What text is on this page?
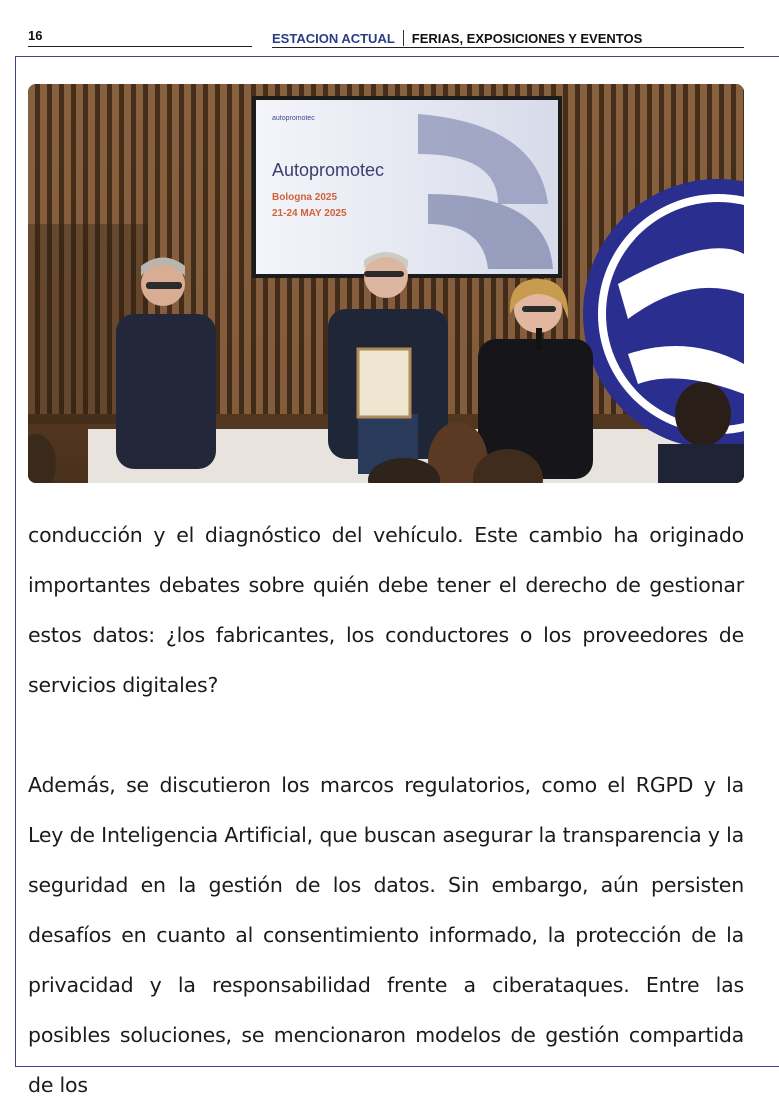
16	ESTACION ACTUAL FERIAS, EXPOSICIONES Y EVENTOS
autopromotec
Autopromotec
Bologna 2025
21-24 MAY 2025

conducción y el diagnóstico del vehículo. Este cambio ha originado importantes debates sobre quién debe tener el derecho de gestionar estos datos: ¿los fabricantes, los conductores o los proveedores de servicios digitales?

Además, se discutieron los marcos regulatorios, como el RGPD y la Ley de Inteligencia Artificial, que buscan asegurar la transparencia y la seguridad en la gestión de los datos. Sin embargo, aún persisten desafíos en cuanto al consentimiento informado, la protección de la privacidad y la responsabilidad frente a ciberataques. Entre las posibles soluciones, se mencionaron modelos de gestión compartida de los
